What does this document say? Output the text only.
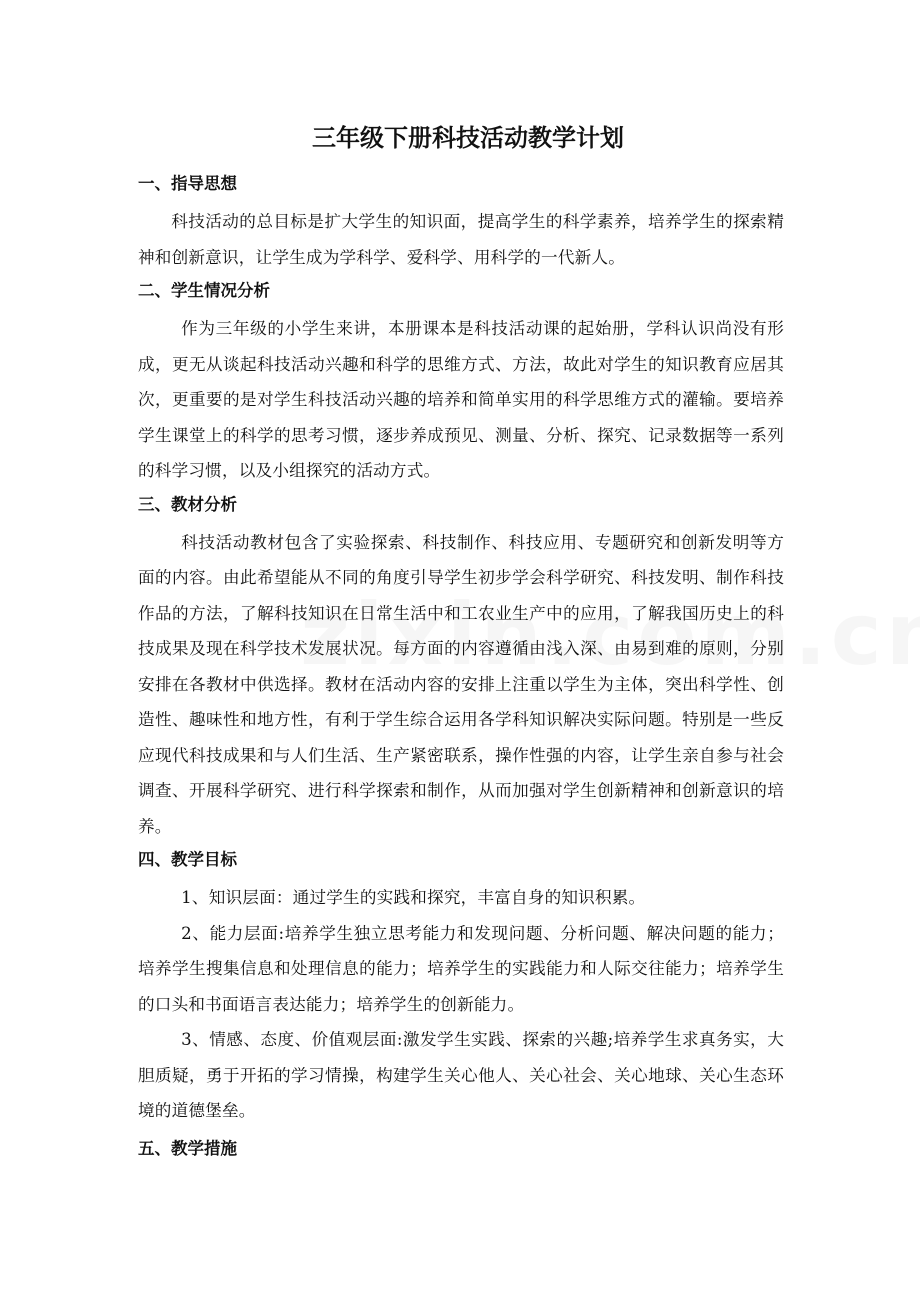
三年级下册科技活动教学计划

一、指导思想

科技活动的总目标是扩大学生的知识面，提高学生的科学素养，培养学生的探索精神和创新意识，让学生成为学科学、爱科学、用科学的一代新人。

二、学生情况分析

作为三年级的小学生来讲，本册课本是科技活动课的起始册，学科认识尚没有形成，更无从谈起科技活动兴趣和科学的思维方式、方法，故此对学生的知识教育应居其次，更重要的是对学生科技活动兴趣的培养和简单实用的科学思维方式的灌输。要培养学生课堂上的科学的思考习惯，逐步养成预见、测量、分析、探究、记录数据等一系列的科学习惯，以及小组探究的活动方式。

三、教材分析

科技活动教材包含了实验探索、科技制作、科技应用、专题研究和创新发明等方面的内容。由此希望能从不同的角度引导学生初步学会科学研究、科技发明、制作科技作品的方法，了解科技知识在日常生活中和工农业生产中的应用，了解我国历史上的科技成果及现在科学技术发展状况。每方面的内容遵循由浅入深、由易到难的原则，分别安排在各教材中供选择。教材在活动内容的安排上注重以学生为主体，突出科学性、创造性、趣味性和地方性，有利于学生综合运用各学科知识解决实际问题。特别是一些反应现代科技成果和与人们生活、生产紧密联系，操作性强的内容，让学生亲自参与社会调查、开展科学研究、进行科学探索和制作，从而加强对学生创新精神和创新意识的培养。

四、教学目标

1、知识层面：通过学生的实践和探究，丰富自身的知识积累。

2、能力层面:培养学生独立思考能力和发现问题、分析问题、解决问题的能力；培养学生搜集信息和处理信息的能力；培养学生的实践能力和人际交往能力；培养学生的口头和书面语言表达能力；培养学生的创新能力。

3、情感、态度、价值观层面:激发学生实践、探索的兴趣;培养学生求真务实，大胆质疑，勇于开拓的学习情操，构建学生关心他人、关心社会、关心地球、关心生态环境的道德堡垒。

五、教学措施
